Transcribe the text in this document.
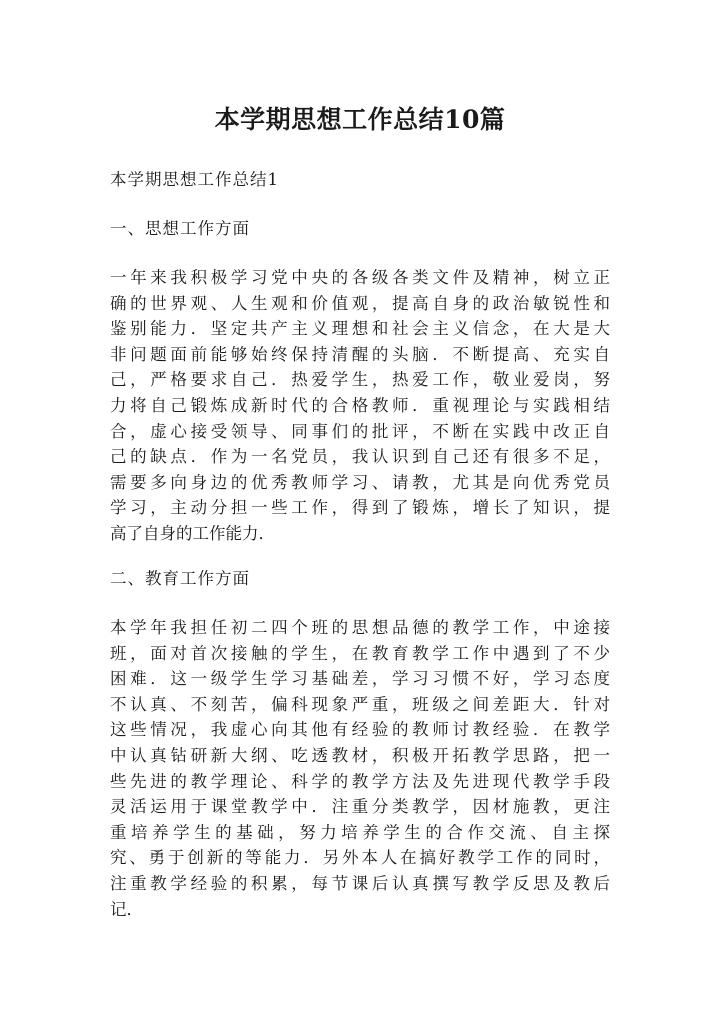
本学期思想工作总结10篇

本学期思想工作总结1

一、思想工作方面

一年来我积极学习党中央的各级各类文件及精神，树立正
确的世界观、人生观和价值观，提高自身的政治敏锐性和
鉴别能力．坚定共产主义理想和社会主义信念，在大是大
非问题面前能够始终保持清醒的头脑．不断提高、充实自
己，严格要求自己．热爱学生，热爱工作，敬业爱岗，努
力将自己锻炼成新时代的合格教师．重视理论与实践相结
合，虚心接受领导、同事们的批评，不断在实践中改正自
己的缺点．作为一名党员，我认识到自己还有很多不足，
需要多向身边的优秀教师学习、请教，尤其是向优秀党员
学习，主动分担一些工作，得到了锻炼，增长了知识，提
高了自身的工作能力．

二、教育工作方面

本学年我担任初二四个班的思想品德的教学工作，中途接
班，面对首次接触的学生，在教育教学工作中遇到了不少
困难．这一级学生学习基础差，学习习惯不好，学习态度
不认真、不刻苦，偏科现象严重，班级之间差距大．针对
这些情况，我虚心向其他有经验的教师讨教经验．在教学
中认真钻研新大纲、吃透教材，积极开拓教学思路，把一
些先进的教学理论、科学的教学方法及先进现代教学手段
灵活运用于课堂教学中．注重分类教学，因材施教，更注
重培养学生的基础，努力培养学生的合作交流、自主探
究、勇于创新的等能力．另外本人在搞好教学工作的同时，
注重教学经验的积累，每节课后认真撰写教学反思及教后
记．
